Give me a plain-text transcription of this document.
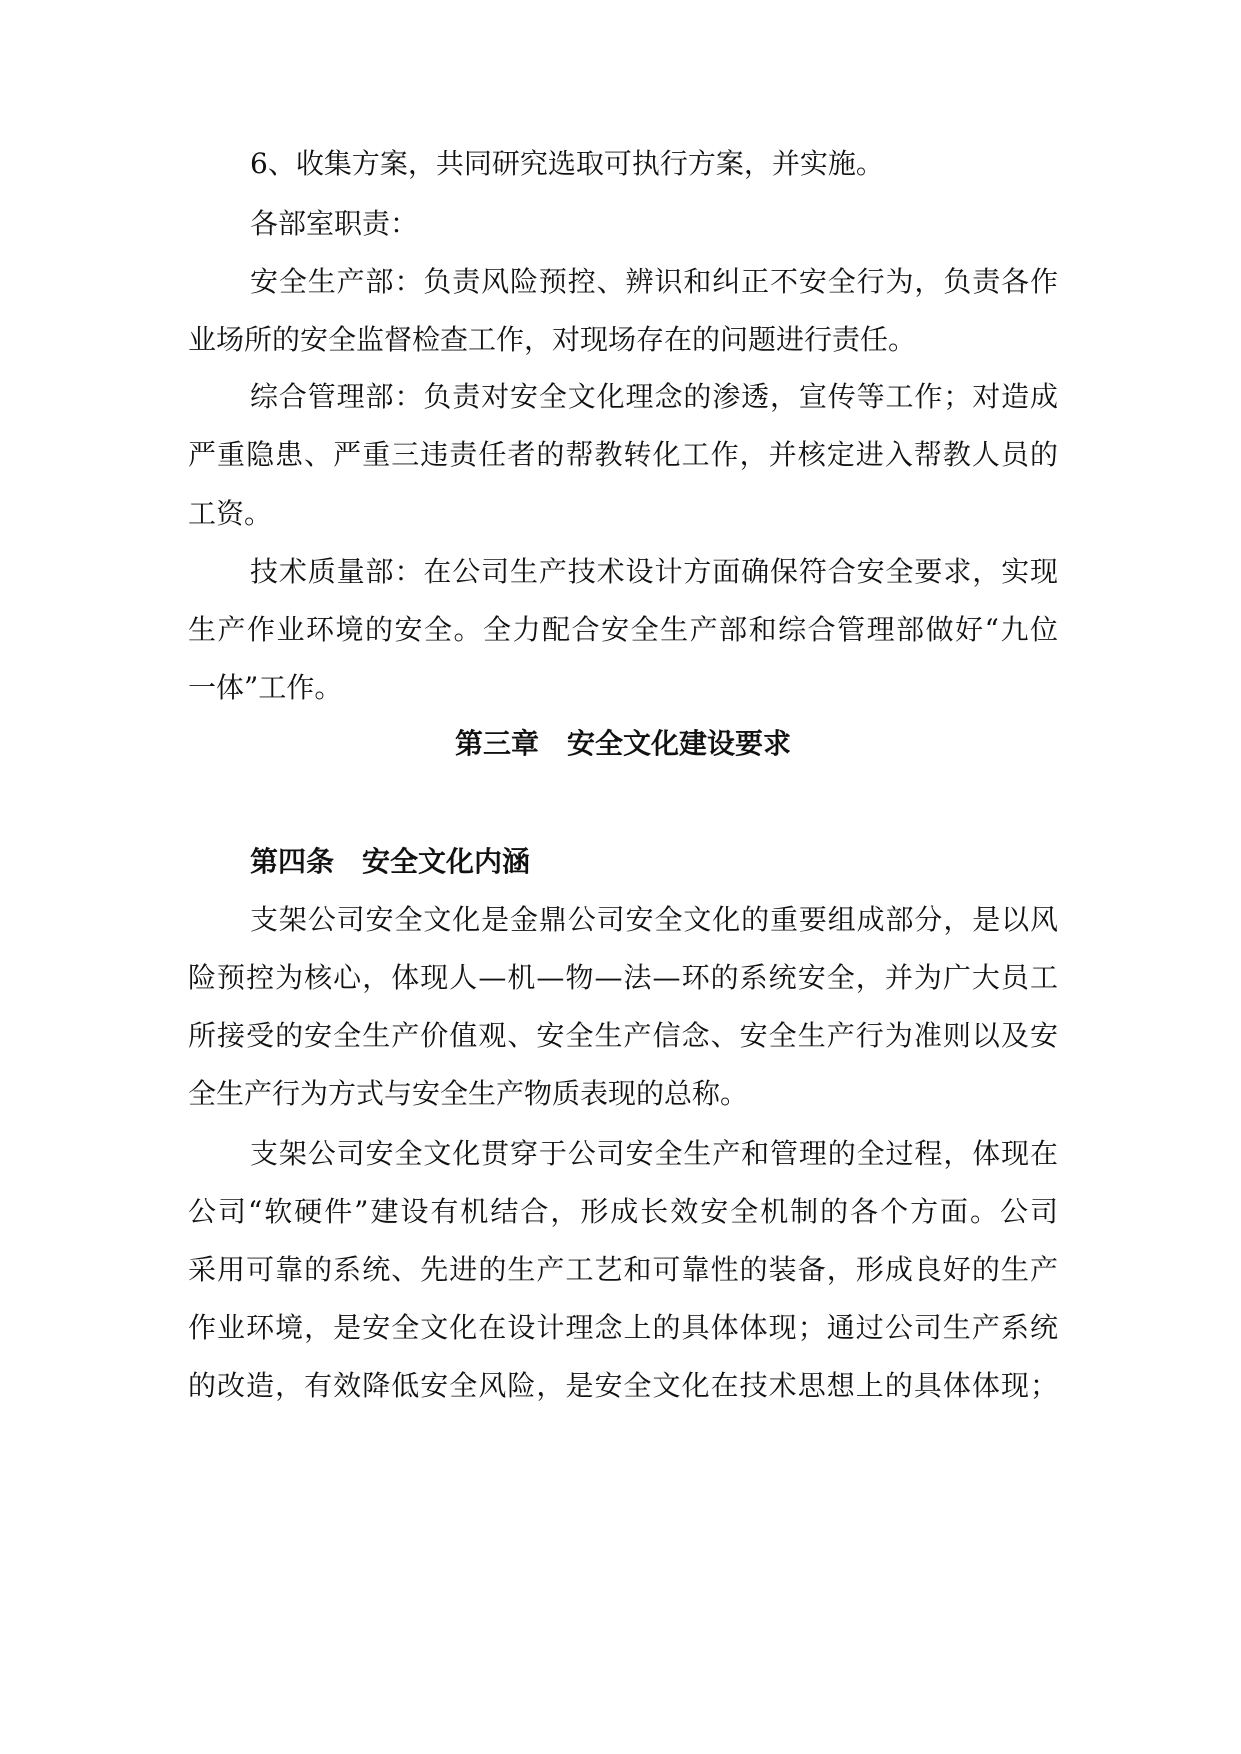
6、收集方案，共同研究选取可执行方案，并实施。
各部室职责：
安全生产部：负责风险预控、辨识和纠正不安全行为，负责各作
业场所的安全监督检查工作，对现场存在的问题进行责任。
综合管理部：负责对安全文化理念的渗透，宣传等工作；对造成
严重隐患、严重三违责任者的帮教转化工作，并核定进入帮教人员的
工资。
技术质量部：在公司生产技术设计方面确保符合安全要求，实现
生产作业环境的安全。全力配合安全生产部和综合管理部做好“九位
一体”工作。
第三章　安全文化建设要求
第四条　安全文化内涵
支架公司安全文化是金鼎公司安全文化的重要组成部分，是以风
险预控为核心，体现人—机—物—法—环的系统安全，并为广大员工
所接受的安全生产价值观、安全生产信念、安全生产行为准则以及安
全生产行为方式与安全生产物质表现的总称。
支架公司安全文化贯穿于公司安全生产和管理的全过程，体现在
公司“软硬件”建设有机结合，形成长效安全机制的各个方面。公司
采用可靠的系统、先进的生产工艺和可靠性的装备，形成良好的生产
作业环境，是安全文化在设计理念上的具体体现；通过公司生产系统
的改造，有效降低安全风险，是安全文化在技术思想上的具体体现；
